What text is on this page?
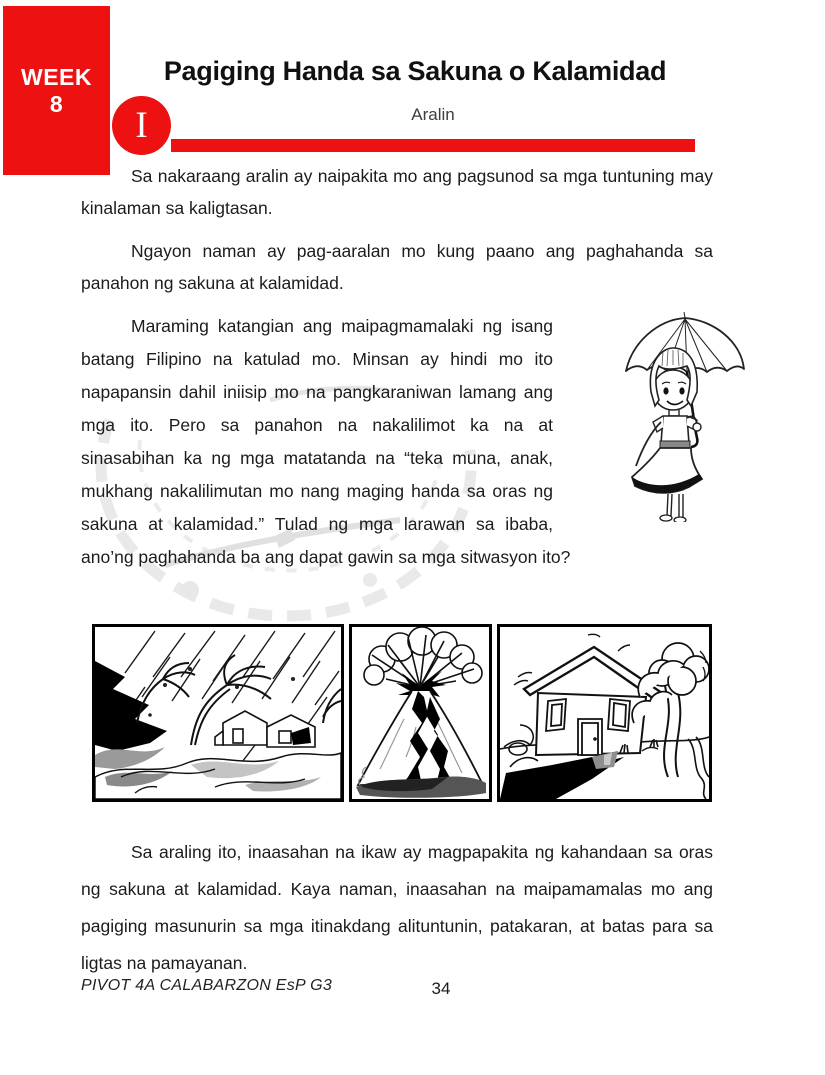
WEEK
8
Pagiging Handa sa Sakuna o Kalamidad
I	Aralin

Sa nakaraang aralin ay naipakita mo ang pagsunod sa mga tuntuning may kinalaman sa kaligtasan.

Ngayon naman ay pag-aaralan mo kung paano ang paghahanda sa panahon ng sakuna at kalamidad.

Maraming katangian ang maipagmamalaki ng isang batang Filipino na katulad mo. Minsan ay hindi mo ito napapansin dahil iniisip mo na pangkaraniwan lamang ang mga ito. Pero sa panahon na nakalilimot ka na at sinasabihan ka ng mga matatanda na “teka muna, anak, mukhang nakalilimutan mo nang maging handa sa oras ng sakuna at kalamidad.” Tulad ng mga larawan sa ibaba, ano’ng paghahanda ba ang dapat gawin sa mga sitwasyon ito?

Sa araling ito, inaasahan na ikaw ay magpapakita ng kahandaan sa oras ng sakuna at kalamidad. Kaya naman, inaasahan na maipamamalas mo ang pagiging masunurin sa mga itinakdang alituntunin, patakaran, at batas para sa ligtas na pamayanan.
PIVOT 4A CALABARZON EsP G3	34
